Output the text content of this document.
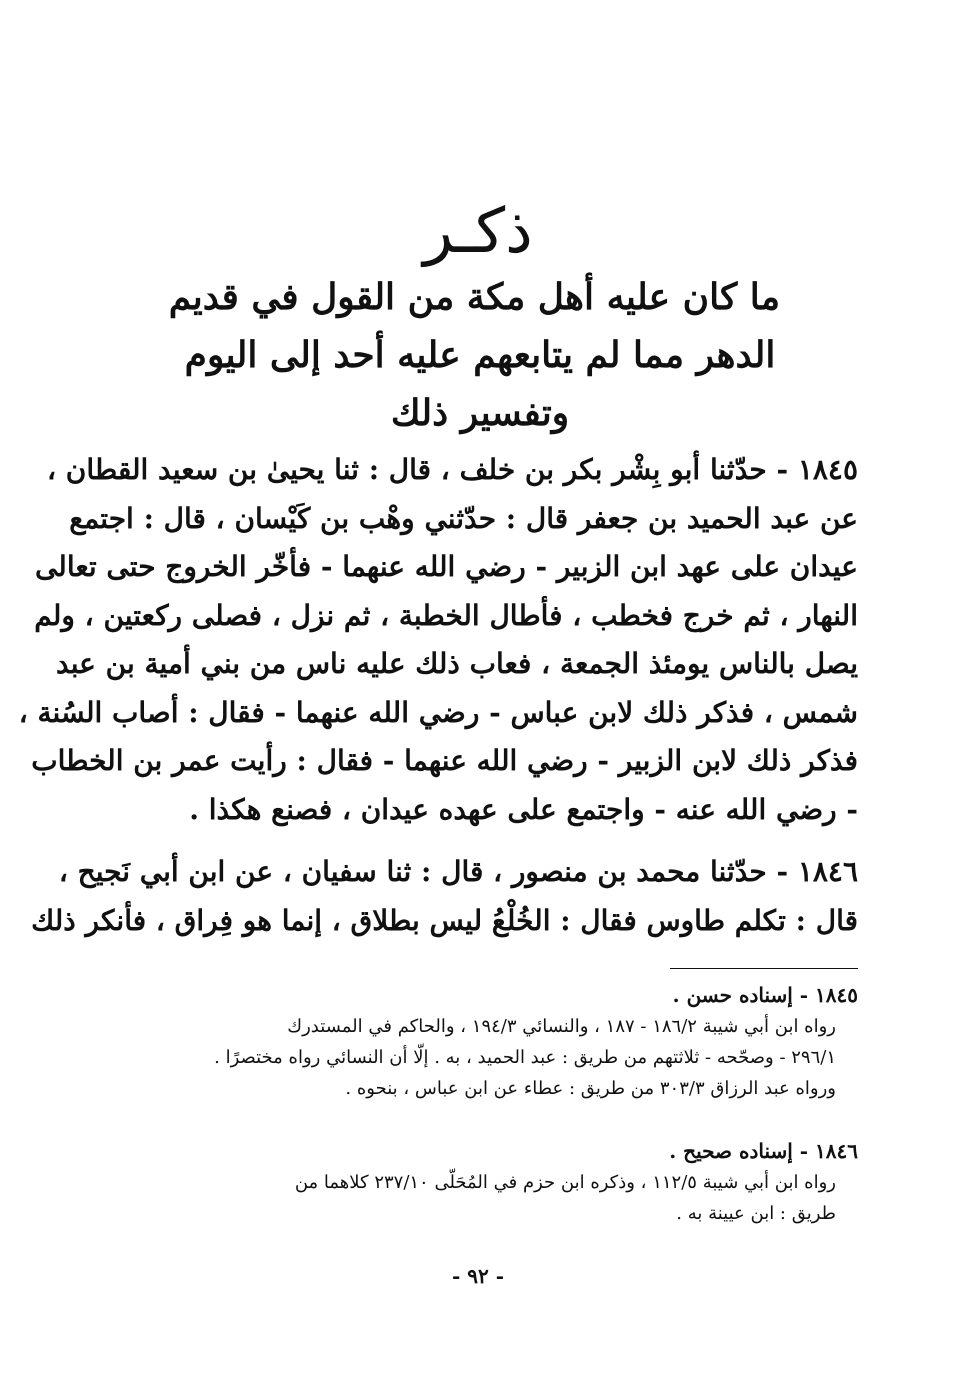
ذكـر
ما كان عليه أهل مكة من القول في قديم
الدهر مما لم يتابعهم عليه أحد إلى اليوم
وتفسير ذلك
١٨٤٥ - حدّثنا أبو بِشْر بكر بن خلف ، قال : ثنا يحيىٰ بن سعيد القطان ،
عن عبد الحميد بن جعفر قال : حدّثني وهْب بن كَيْسان ، قال : اجتمع
عيدان على عهد ابن الزبير - رضي الله عنهما - فأخّر الخروج حتى تعالى
النهار ، ثم خرج فخطب ، فأطال الخطبة ، ثم نزل ، فصلى ركعتين ، ولم
يصل بالناس يومئذ الجمعة ، فعاب ذلك عليه ناس من بني أمية بن عبد
شمس ، فذكر ذلك لابن عباس - رضي الله عنهما - فقال : أصاب السُنة ،
فذكر ذلك لابن الزبير - رضي الله عنهما - فقال : رأيت عمر بن الخطاب
- رضي الله عنه - واجتمع على عهده عيدان ، فصنع هكذا .
١٨٤٦ - حدّثنا محمد بن منصور ، قال : ثنا سفيان ، عن ابن أبي نَجيح ،
قال : تكلم طاوس فقال : الخُلْعُ ليس بطلاق ، إنما هو فِراق ، فأنكر ذلك
١٨٤٥ - إسناده حسن .
رواه ابن أبي شيبة ١٨٦/٢ - ١٨٧ ، والنسائي ١٩٤/٣ ، والحاكم في المستدرك
٢٩٦/١ - وصحّحه - ثلاثتهم من طريق : عبد الحميد ، به . إلّا أن النسائي رواه مختصرًا .
ورواه عبد الرزاق ٣٠٣/٣ من طريق : عطاء عن ابن عباس ، بنحوه .
١٨٤٦ - إسناده صحيح .
رواه ابن أبي شيبة ١١٢/٥ ، وذكره ابن حزم في المُحَلّى ٢٣٧/١٠ كلاهما من
طريق : ابن عيينة به .
- ٩٢ -
